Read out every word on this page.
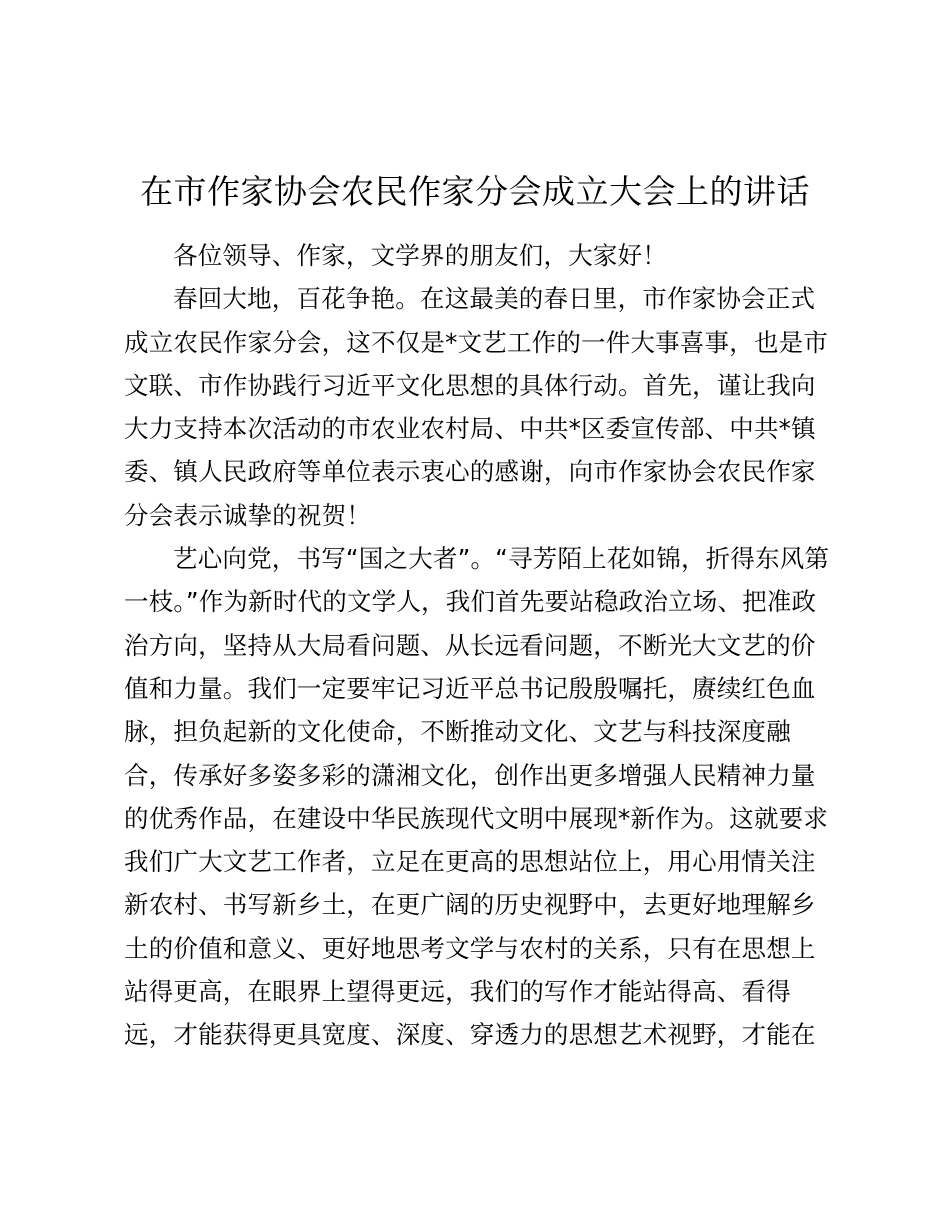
在市作家协会农民作家分会成立大会上的讲话
各位领导、作家，文学界的朋友们，大家好！
春回大地，百花争艳。在这最美的春日里，市作家协会正式
成立农民作家分会，这不仅是*文艺工作的一件大事喜事，也是市
文联、市作协践行习近平文化思想的具体行动。首先，谨让我向
大力支持本次活动的市农业农村局、中共*区委宣传部、中共*镇
委、镇人民政府等单位表示衷心的感谢，向市作家协会农民作家
分会表示诚挚的祝贺！
艺心向党，书写“国之大者”。“寻芳陌上花如锦，折得东风第
一枝。”作为新时代的文学人，我们首先要站稳政治立场、把准政
治方向，坚持从大局看问题、从长远看问题，不断光大文艺的价
值和力量。我们一定要牢记习近平总书记殷殷嘱托，赓续红色血
脉，担负起新的文化使命，不断推动文化、文艺与科技深度融
合，传承好多姿多彩的潇湘文化，创作出更多增强人民精神力量
的优秀作品，在建设中华民族现代文明中展现*新作为。这就要求
我们广大文艺工作者，立足在更高的思想站位上，用心用情关注
新农村、书写新乡土，在更广阔的历史视野中，去更好地理解乡
土的价值和意义、更好地思考文学与农村的关系，只有在思想上
站得更高，在眼界上望得更远，我们的写作才能站得高、看得
远，才能获得更具宽度、深度、穿透力的思想艺术视野，才能在
